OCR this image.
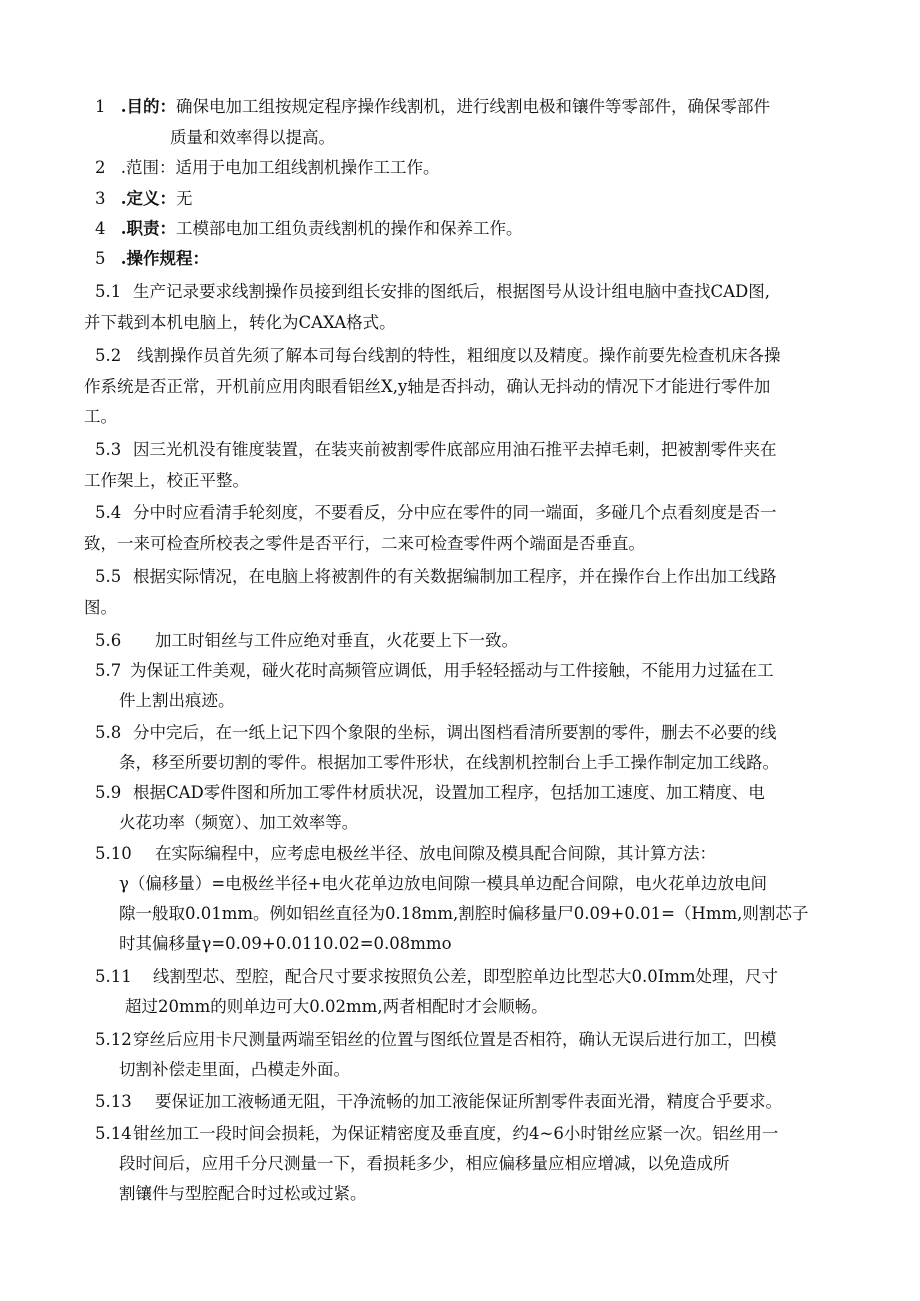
1 .目的：确保电加工组按规定程序操作线割机，进行线割电极和镶件等零部件，确保零部件
质量和效率得以提高。
2 .范围：适用于电加工组线割机操作工工作。
3 .定义：无
4 .职责：工模部电加工组负责线割机的操作和保养工作。
5 .操作规程：
5.1 生产记录要求线割操作员接到组长安排的图纸后，根据图号从设计组电脑中查找CAD图,
并下载到本机电脑上，转化为CAXA格式。
5.2 线割操作员首先须了解本司每台线割的特性，粗细度以及精度。操作前要先检查机床各操
作系统是否正常，开机前应用肉眼看铝丝X,y轴是否抖动，确认无抖动的情况下才能进行零件加
工。
5.3 因三光机没有锥度装置，在装夹前被割零件底部应用油石推平去掉毛刺，把被割零件夹在
工作架上，校正平整。
5.4 分中时应看清手轮刻度，不要看反，分中应在零件的同一端面，多碰几个点看刻度是否一
致，一来可检查所校表之零件是否平行，二来可检查零件两个端面是否垂直。
5.5 根据实际情况，在电脑上将被割件的有关数据编制加工程序，并在操作台上作出加工线路
图。
5.6 加工时钼丝与工件应绝对垂直，火花要上下一致。
5.7 为保证工件美观，碰火花时高频管应调低，用手轻轻摇动与工件接触，不能用力过猛在工
件上割出痕迹。
5.8 分中完后，在一纸上记下四个象限的坐标，调出图档看清所要割的零件，删去不必要的线
条，移至所要切割的零件。根据加工零件形状，在线割机控制台上手工操作制定加工线路。
5.9 根据CAD零件图和所加工零件材质状况，设置加工程序，包括加工速度、加工精度、电
火花功率（频宽）、加工效率等。
5.10 在实际编程中，应考虑电极丝半径、放电间隙及模具配合间隙，其计算方法：
γ（偏移量）=电极丝半径+电火花单边放电间隙一模具单边配合间隙，电火花单边放电间
隙一般取0.01mm。例如铝丝直径为0.18mm,割腔时偏移量尸0.09+0.01=（Hmm,则割芯子
时其偏移量γ=0.09+0.0110.02=0.08mmo
5.11 线割型芯、型腔，配合尺寸要求按照负公差，即型腔单边比型芯大0.0Imm处理，尺寸
超过20mm的则单边可大0.02mm,两者相配时才会顺畅。
5.12 穿丝后应用卡尺测量两端至铝丝的位置与图纸位置是否相符，确认无误后进行加工，凹模
切割补偿走里面，凸模走外面。
5.13 要保证加工液畅通无阻，干净流畅的加工液能保证所割零件表面光滑，精度合乎要求。
5.14 钳丝加工一段时间会损耗，为保证精密度及垂直度，约4~6小时钳丝应紧一次。铝丝用一
段时间后，应用千分尺测量一下，看损耗多少，相应偏移量应相应增减，以免造成所
割镶件与型腔配合时过松或过紧。
